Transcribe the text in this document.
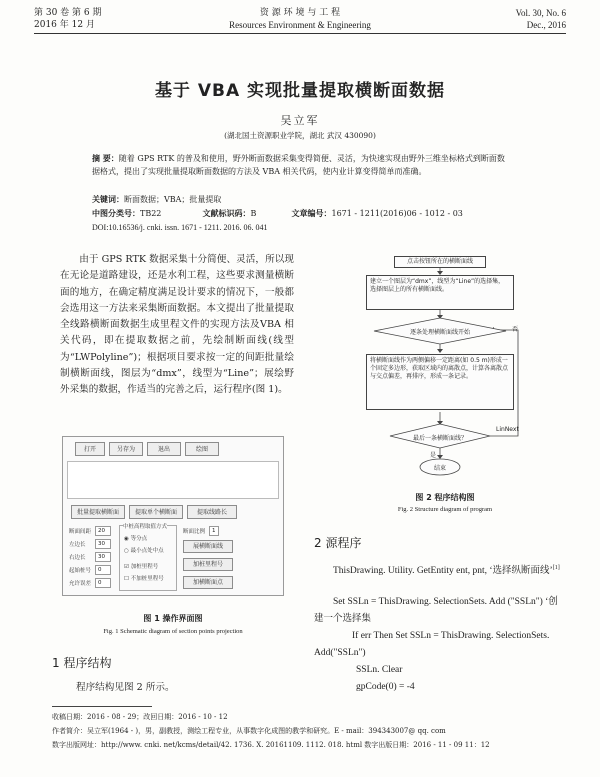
第 30 卷 第 6 期
2016 年 12 月
资 源 环 境 与 工 程
Resources Environment & Engineering
Vol. 30, No. 6
Dec., 2016
基于 VBA 实现批量提取横断面数据
吴立军
(湖北国土资源职业学院，湖北 武汉 430090)
摘 要：随着 GPS RTK 的普及和使用，野外断面数据采集变得简便、灵活，为快速实现由野外三维坐标格式到断面数据格式，提出了实现批量提取断面数据的方法及 VBA 相关代码，使内业计算变得简单而准确。
关键词：断面数据；VBA；批量提取
中图分类号：TB22	文献标识码：B	文章编号：1671 - 1211(2016)06 - 1012 - 03
DOI:10.16536/j. cnki. issn. 1671 - 1211. 2016. 06. 041
由于 GPS RTK 数据采集十分简便、灵活，所以现在无论是道路建设，还是水利工程，这些要求测量横断面的地方，在确定精度满足设计要求的情况下，一般都会选用这一方法来采集断面数据。本文提出了批量提取全线路横断面数据生成里程文件的实现方法及VBA 相关代码，即在提取数据之前，先绘制断面线(线型为“LWPolyline”)；根据项目要求按一定的间距批量绘制横断面线，图层为“dmx”，线型为“Line”；展绘野外采集的数据，作适当的完善之后，运行程序(图 1)。
打开	另存为	退出	绘图
批量提取横断面	提取单个横断面	提取线路长
断面间距	20
左边长	30
右边长	30
起始桩号	0
允许误差	0
中桩高程取值方式
◉ 等分点
○ 最小点处中点
☑ 加桩里程号
☐ 不加桩里程号
断面比例	1
展横断面线
加桩里程号
加横断面点
图 1 操作界面图
Fig. 1 Schematic diagram of section points projection
1 程序结构
程序结构见图 2 所示。
点击按钮所在的横断面线
建立一个图层为“dmx”，线型为“Line”的选择集，选择图层上的所有横断面线。
逐条处理横断面线开始
将横断面线作为两侧偏移一定距离(如 0.5 m)形成一个固定多边形，获取区域内的离散点，计算各离散点与交点偏差，再排序，形成一条记录。
最后一条横断面线？
否
LinNext
是
结束
图 2 程序结构图
Fig. 2 Structure diagram of program
2 源程序
ThisDrawing. Utility. GetEntity ent, pnt, ‘选择纵断面线’[1]
Set SSLn = ThisDrawing. SelectionSets. Add ("SSLn") ‘创建一个选择集
If err Then Set SSLn = ThisDrawing. SelectionSets. Add("SSLn")
SSLn. Clear
gpCode(0) = -4
收稿日期：2016 - 08 - 29；改回日期：2016 - 10 - 12
作者简介：吴立军(1964 - )，男，副教授，测绘工程专业，从事数字化成图的教学和研究。E - mail：394343007@ qq. com
数字出版网址：http://www. cnki. net/kcms/detail/42. 1736. X. 20161109. 1112. 018. html 数字出版日期：2016 - 11 - 09 11：12
